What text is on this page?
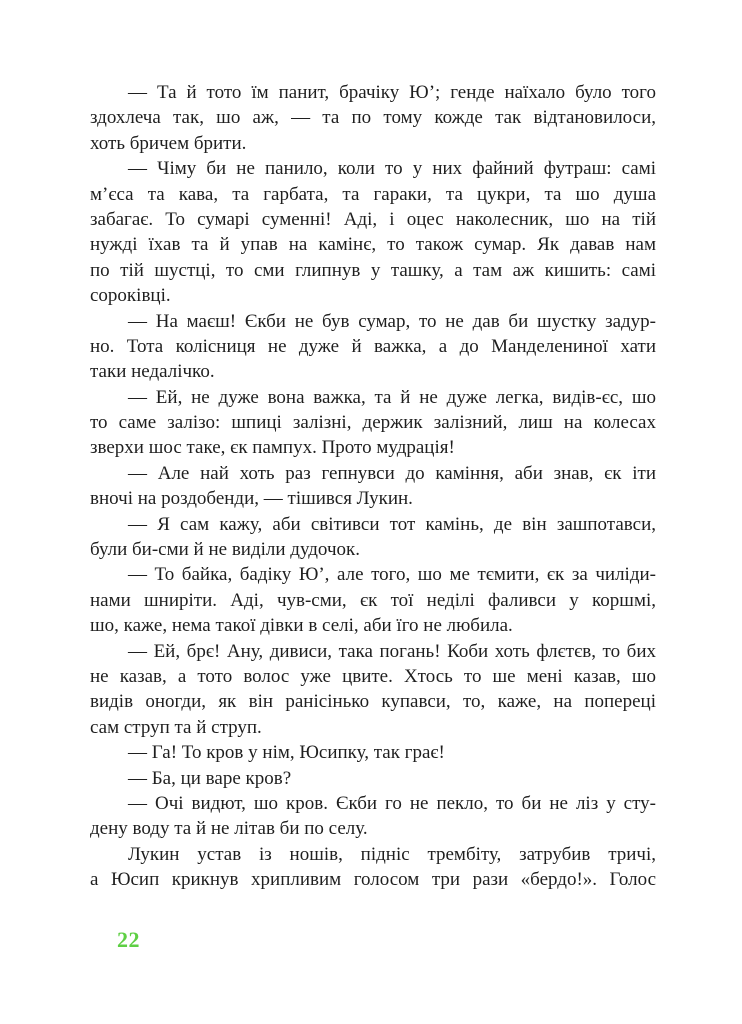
— Та й тото їм панит, брачіку Ю’; генде наїхало було того
здохлеча так, шо аж, — та по тому кожде так відтановилоси,
хоть бричем брити.
— Чіму би не панило, коли то у них файний футраш: самі
м’єса та кава, та гарбата, та гараки, та цукри, та шо душа
забагає. То сумарі суменні! Аді, і оцес наколесник, шо на тій
нужді їхав та й упав на камінє, то також сумар. Як давав нам
по тій шустці, то сми глипнув у ташку, а там аж кишить: самі
сороківці.
— На маєш! Єкби не був сумар, то не дав би шустку задур-
но. Тота колісниця не дуже й важка, а до Манделениної хати
таки недалічко.
— Ей, не дуже вона важка, та й не дуже легка, видів-єс, шо
то саме залізо: шпиці залізні, держик залізний, лиш на колесах
зверхи шос таке, єк пампух. Прото мудрація!
— Але най хоть раз гепнувси до каміння, аби знав, єк іти
вночі на роздобенди, — тішився Лукин.
— Я сам кажу, аби світивси тот камінь, де він зашпотавси,
були би-сми й не виділи дудочок.
— То байка, бадіку Ю’, але того, шо ме тємити, єк за чиліди-
нами шниріти. Аді, чув-сми, єк тої неділі фаливси у коршмі,
шо, каже, нема такої дівки в селі, аби їго не любила.
— Ей, брє! Ану, дивиси, така погань! Коби хоть флєтєв, то бих
не казав, а тото волос уже цвите. Хтось то ше мені казав, шо
видів оногди, як він ранісінько купавси, то, каже, на попереці
сам струп та й струп.
— Га! То кров у нім, Юсипку, так грає!
— Ба, ци варе кров?
— Очі видют, шо кров. Єкби го не пекло, то би не ліз у сту-
дену воду та й не літав би по селу.
Лукин устав із ношів, підніс трембіту, затрубив тричі,
а Юсип крикнув хрипливим голосом три рази «бердо!». Голос
22
